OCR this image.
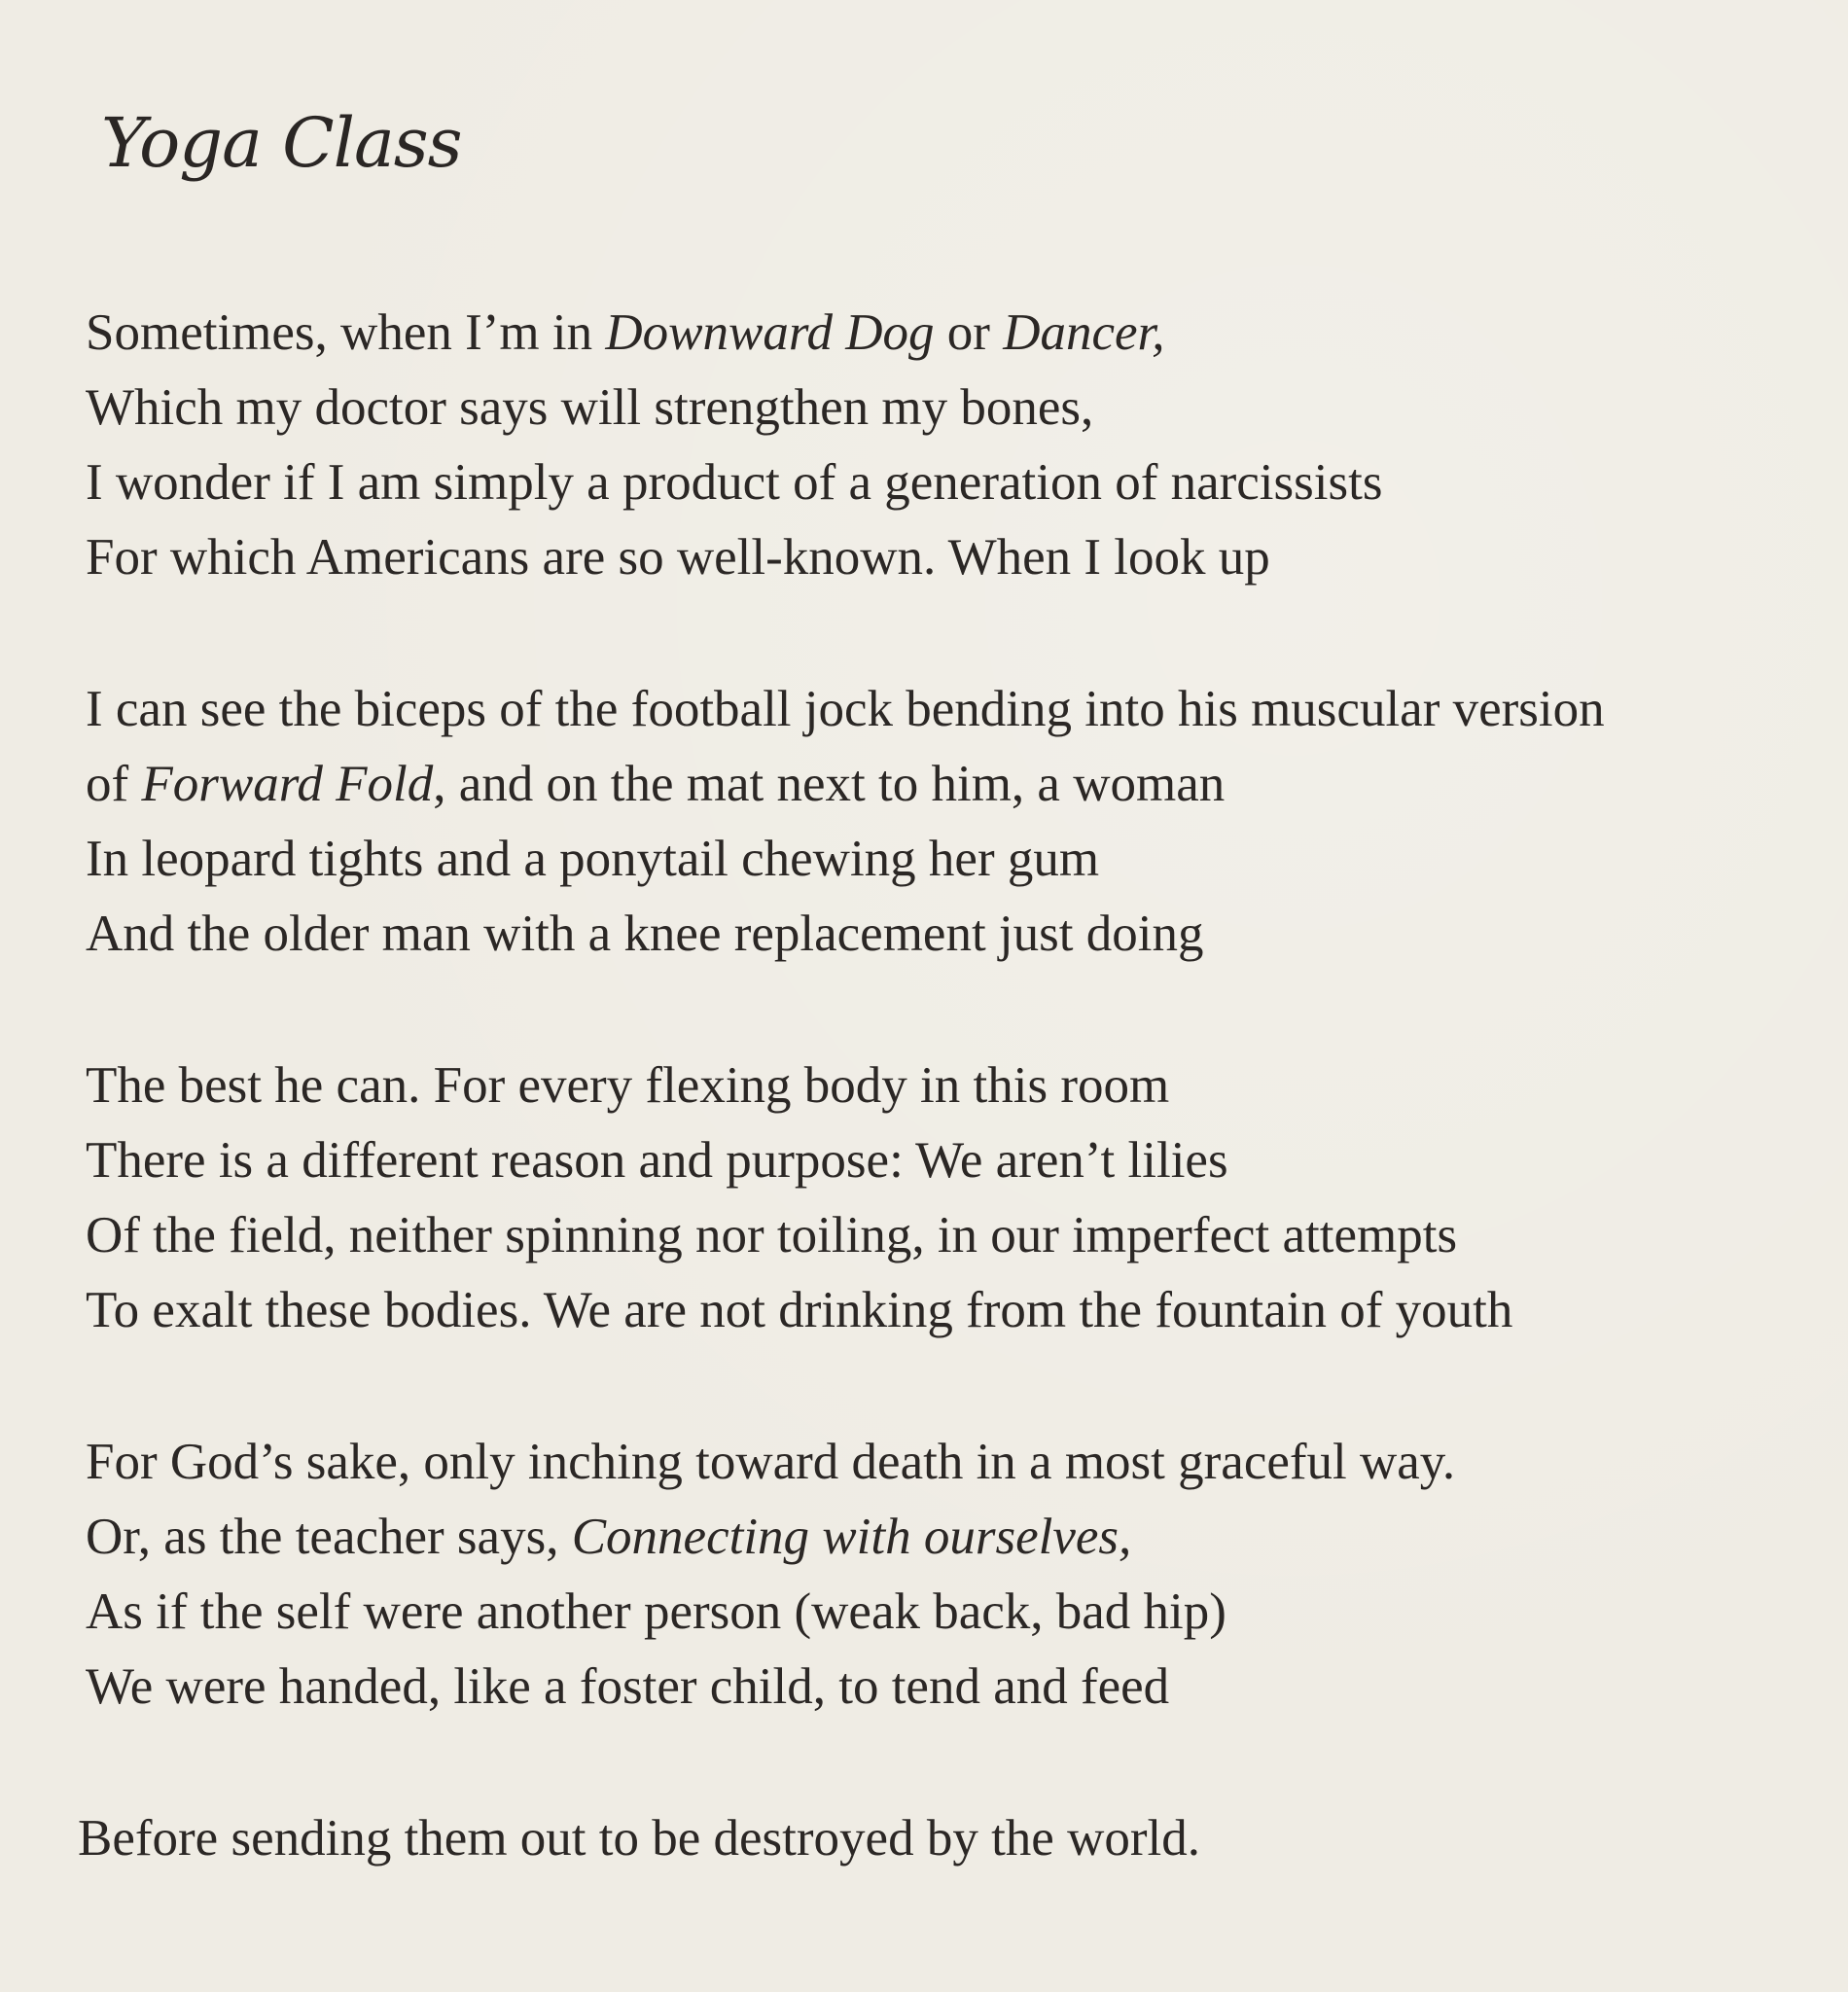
Yoga Class
Sometimes, when I’m in Downward Dog or Dancer,
Which my doctor says will strengthen my bones,
I wonder if I am simply a product of a generation of narcissists
For which Americans are so well-known. When I look up
I can see the biceps of the football jock bending into his muscular version
of Forward Fold, and on the mat next to him, a woman
In leopard tights and a ponytail chewing her gum
And the older man with a knee replacement just doing
The best he can. For every flexing body in this room
There is a different reason and purpose: We aren’t lilies
Of the field, neither spinning nor toiling, in our imperfect attempts
To exalt these bodies. We are not drinking from the fountain of youth
For God’s sake, only inching toward death in a most graceful way.
Or, as the teacher says, Connecting with ourselves,
As if the self were another person (weak back, bad hip)
We were handed, like a foster child, to tend and feed
Before sending them out to be destroyed by the world.
